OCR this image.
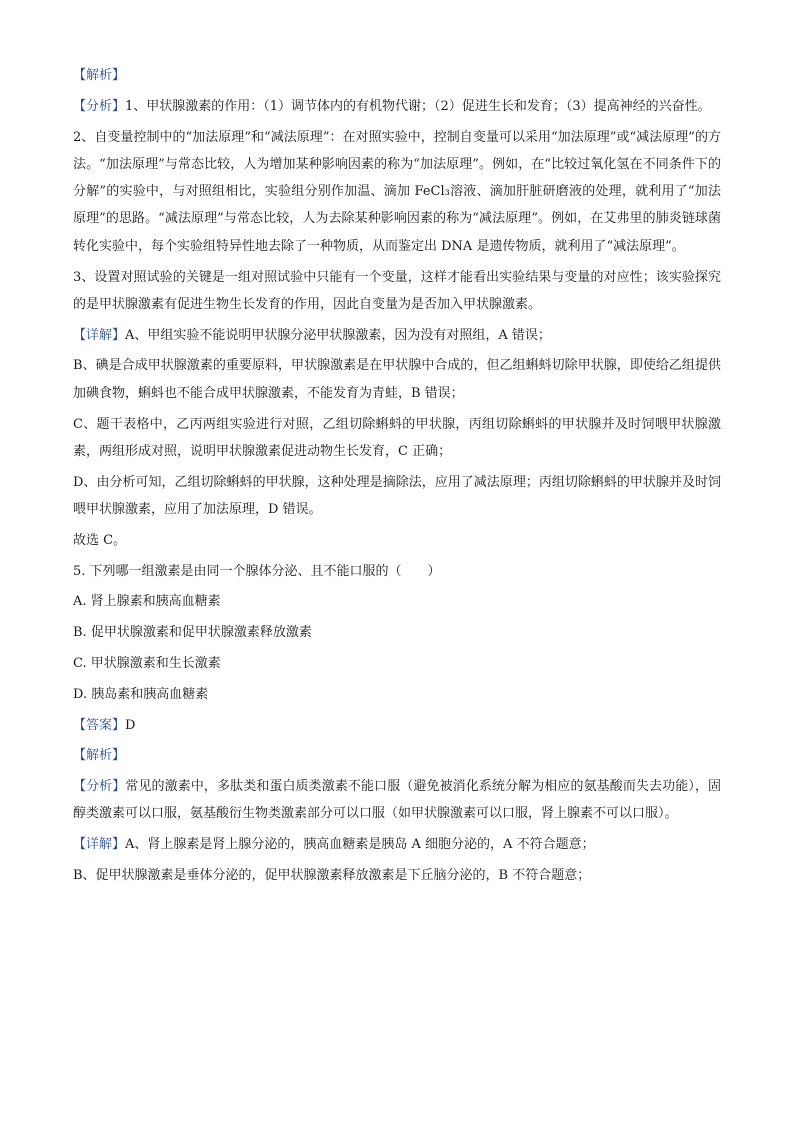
【解析】

【分析】1、甲状腺激素的作用：（1）调节体内的有机物代谢；（2）促进生长和发育；（3）提高神经的兴奋性。

2、自变量控制中的“加法原理”和“减法原理”：在对照实验中，控制自变量可以采用“加法原理”或“减法原理”的方法。“加法原理”与常态比较，人为增加某种影响因素的称为“加法原理”。例如，在“比较过氧化氢在不同条件下的分解”的实验中，与对照组相比，实验组分别作加温、滴加 FeCl₃溶液、滴加肝脏研磨液的处理，就利用了“加法原理”的思路。“减法原理”与常态比较，人为去除某种影响因素的称为“减法原理”。例如，在艾弗里的肺炎链球菌转化实验中，每个实验组特异性地去除了一种物质，从而鉴定出 DNA 是遗传物质，就利用了“减法原理”。

3、设置对照试验的关键是一组对照试验中只能有一个变量，这样才能看出实验结果与变量的对应性；该实验探究的是甲状腺激素有促进生物生长发育的作用，因此自变量为是否加入甲状腺激素。

【详解】A、甲组实验不能说明甲状腺分泌甲状腺激素，因为没有对照组，A 错误；

B、碘是合成甲状腺激素的重要原料，甲状腺激素是在甲状腺中合成的，但乙组蝌蚪切除甲状腺，即使给乙组提供加碘食物，蝌蚪也不能合成甲状腺激素，不能发育为青蛙，B 错误；

C、题干表格中，乙丙两组实验进行对照，乙组切除蝌蚪的甲状腺，丙组切除蝌蚪的甲状腺并及时饲喂甲状腺激素，两组形成对照，说明甲状腺激素促进动物生长发育，C 正确；

D、由分析可知，乙组切除蝌蚪的甲状腺，这种处理是摘除法，应用了减法原理；丙组切除蝌蚪的甲状腺并及时饲喂甲状腺激素，应用了加法原理，D 错误。

故选 C。

5. 下列哪一组激素是由同一个腺体分泌、且不能口服的（　　）

A. 肾上腺素和胰高血糖素

B. 促甲状腺激素和促甲状腺激素释放激素

C. 甲状腺激素和生长激素

D. 胰岛素和胰高血糖素

【答案】D

【解析】

【分析】常见的激素中，多肽类和蛋白质类激素不能口服（避免被消化系统分解为相应的氨基酸而失去功能），固醇类激素可以口服，氨基酸衍生物类激素部分可以口服（如甲状腺激素可以口服，肾上腺素不可以口服）。

【详解】A、肾上腺素是肾上腺分泌的，胰高血糖素是胰岛 A 细胞分泌的，A 不符合题意；

B、促甲状腺激素是垂体分泌的，促甲状腺激素释放激素是下丘脑分泌的，B 不符合题意；
